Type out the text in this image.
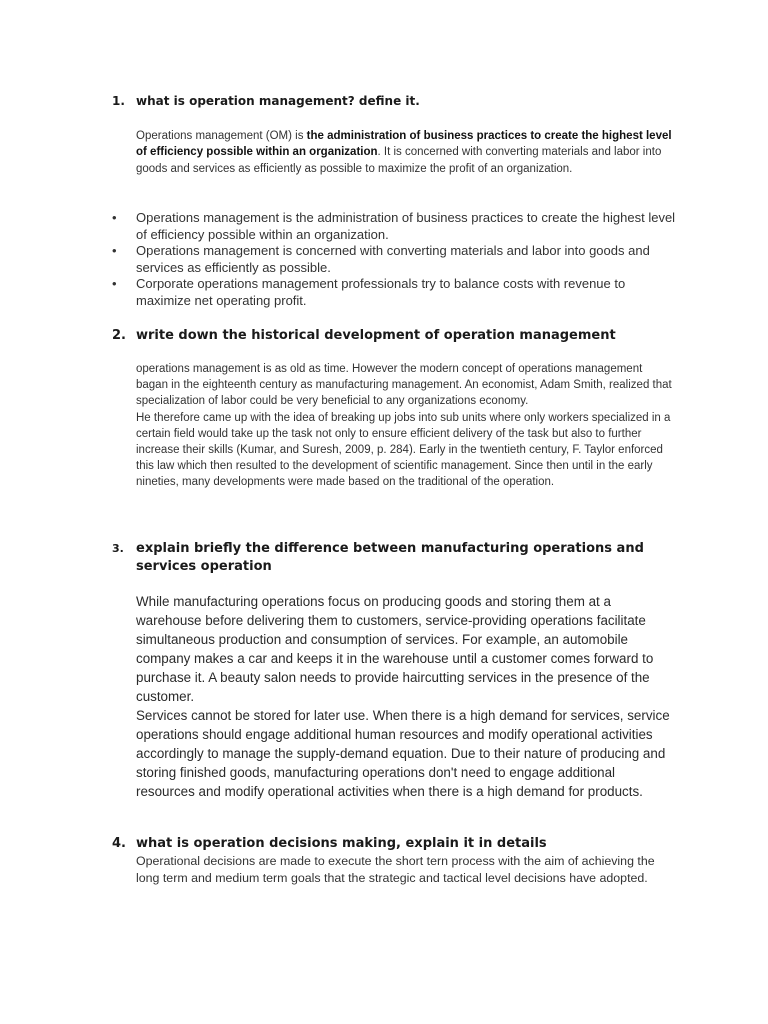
1. what is operation management? define it.

Operations management (OM) is the administration of business practices to create the highest level of efficiency possible within an organization. It is concerned with converting materials and labor into goods and services as efficiently as possible to maximize the profit of an organization.

• Operations management is the administration of business practices to create the highest level of efficiency possible within an organization.
• Operations management is concerned with converting materials and labor into goods and services as efficiently as possible.
• Corporate operations management professionals try to balance costs with revenue to maximize net operating profit.
2. write down the historical development of operation management

operations management is as old as time. However the modern concept of operations management bagan in the eighteenth century as manufacturing management. An economist, Adam Smith, realized that specialization of labor could be very beneficial to any organizations economy.

He therefore came up with the idea of breaking up jobs into sub units where only workers specialized in a certain field would take up the task not only to ensure efficient delivery of the task but also to further increase their skills (Kumar, and Suresh, 2009, p. 284). Early in the twentieth century, F. Taylor enforced this law which then resulted to the development of scientific management. Since then until in the early nineties, many developments were made based on the traditional of the operation.

3. explain briefly the difference between manufacturing operations and services operation

While manufacturing operations focus on producing goods and storing them at a warehouse before delivering them to customers, service-providing operations facilitate simultaneous production and consumption of services. For example, an automobile company makes a car and keeps it in the warehouse until a customer comes forward to purchase it. A beauty salon needs to provide haircutting services in the presence of the customer.

Services cannot be stored for later use. When there is a high demand for services, service operations should engage additional human resources and modify operational activities accordingly to manage the supply-demand equation. Due to their nature of producing and storing finished goods, manufacturing operations don't need to engage additional resources and modify operational activities when there is a high demand for products.

4. what is operation decisions making, explain it in details

Operational decisions are made to execute the short tern process with the aim of achieving the long term and medium term goals that the strategic and tactical level decisions have adopted.
